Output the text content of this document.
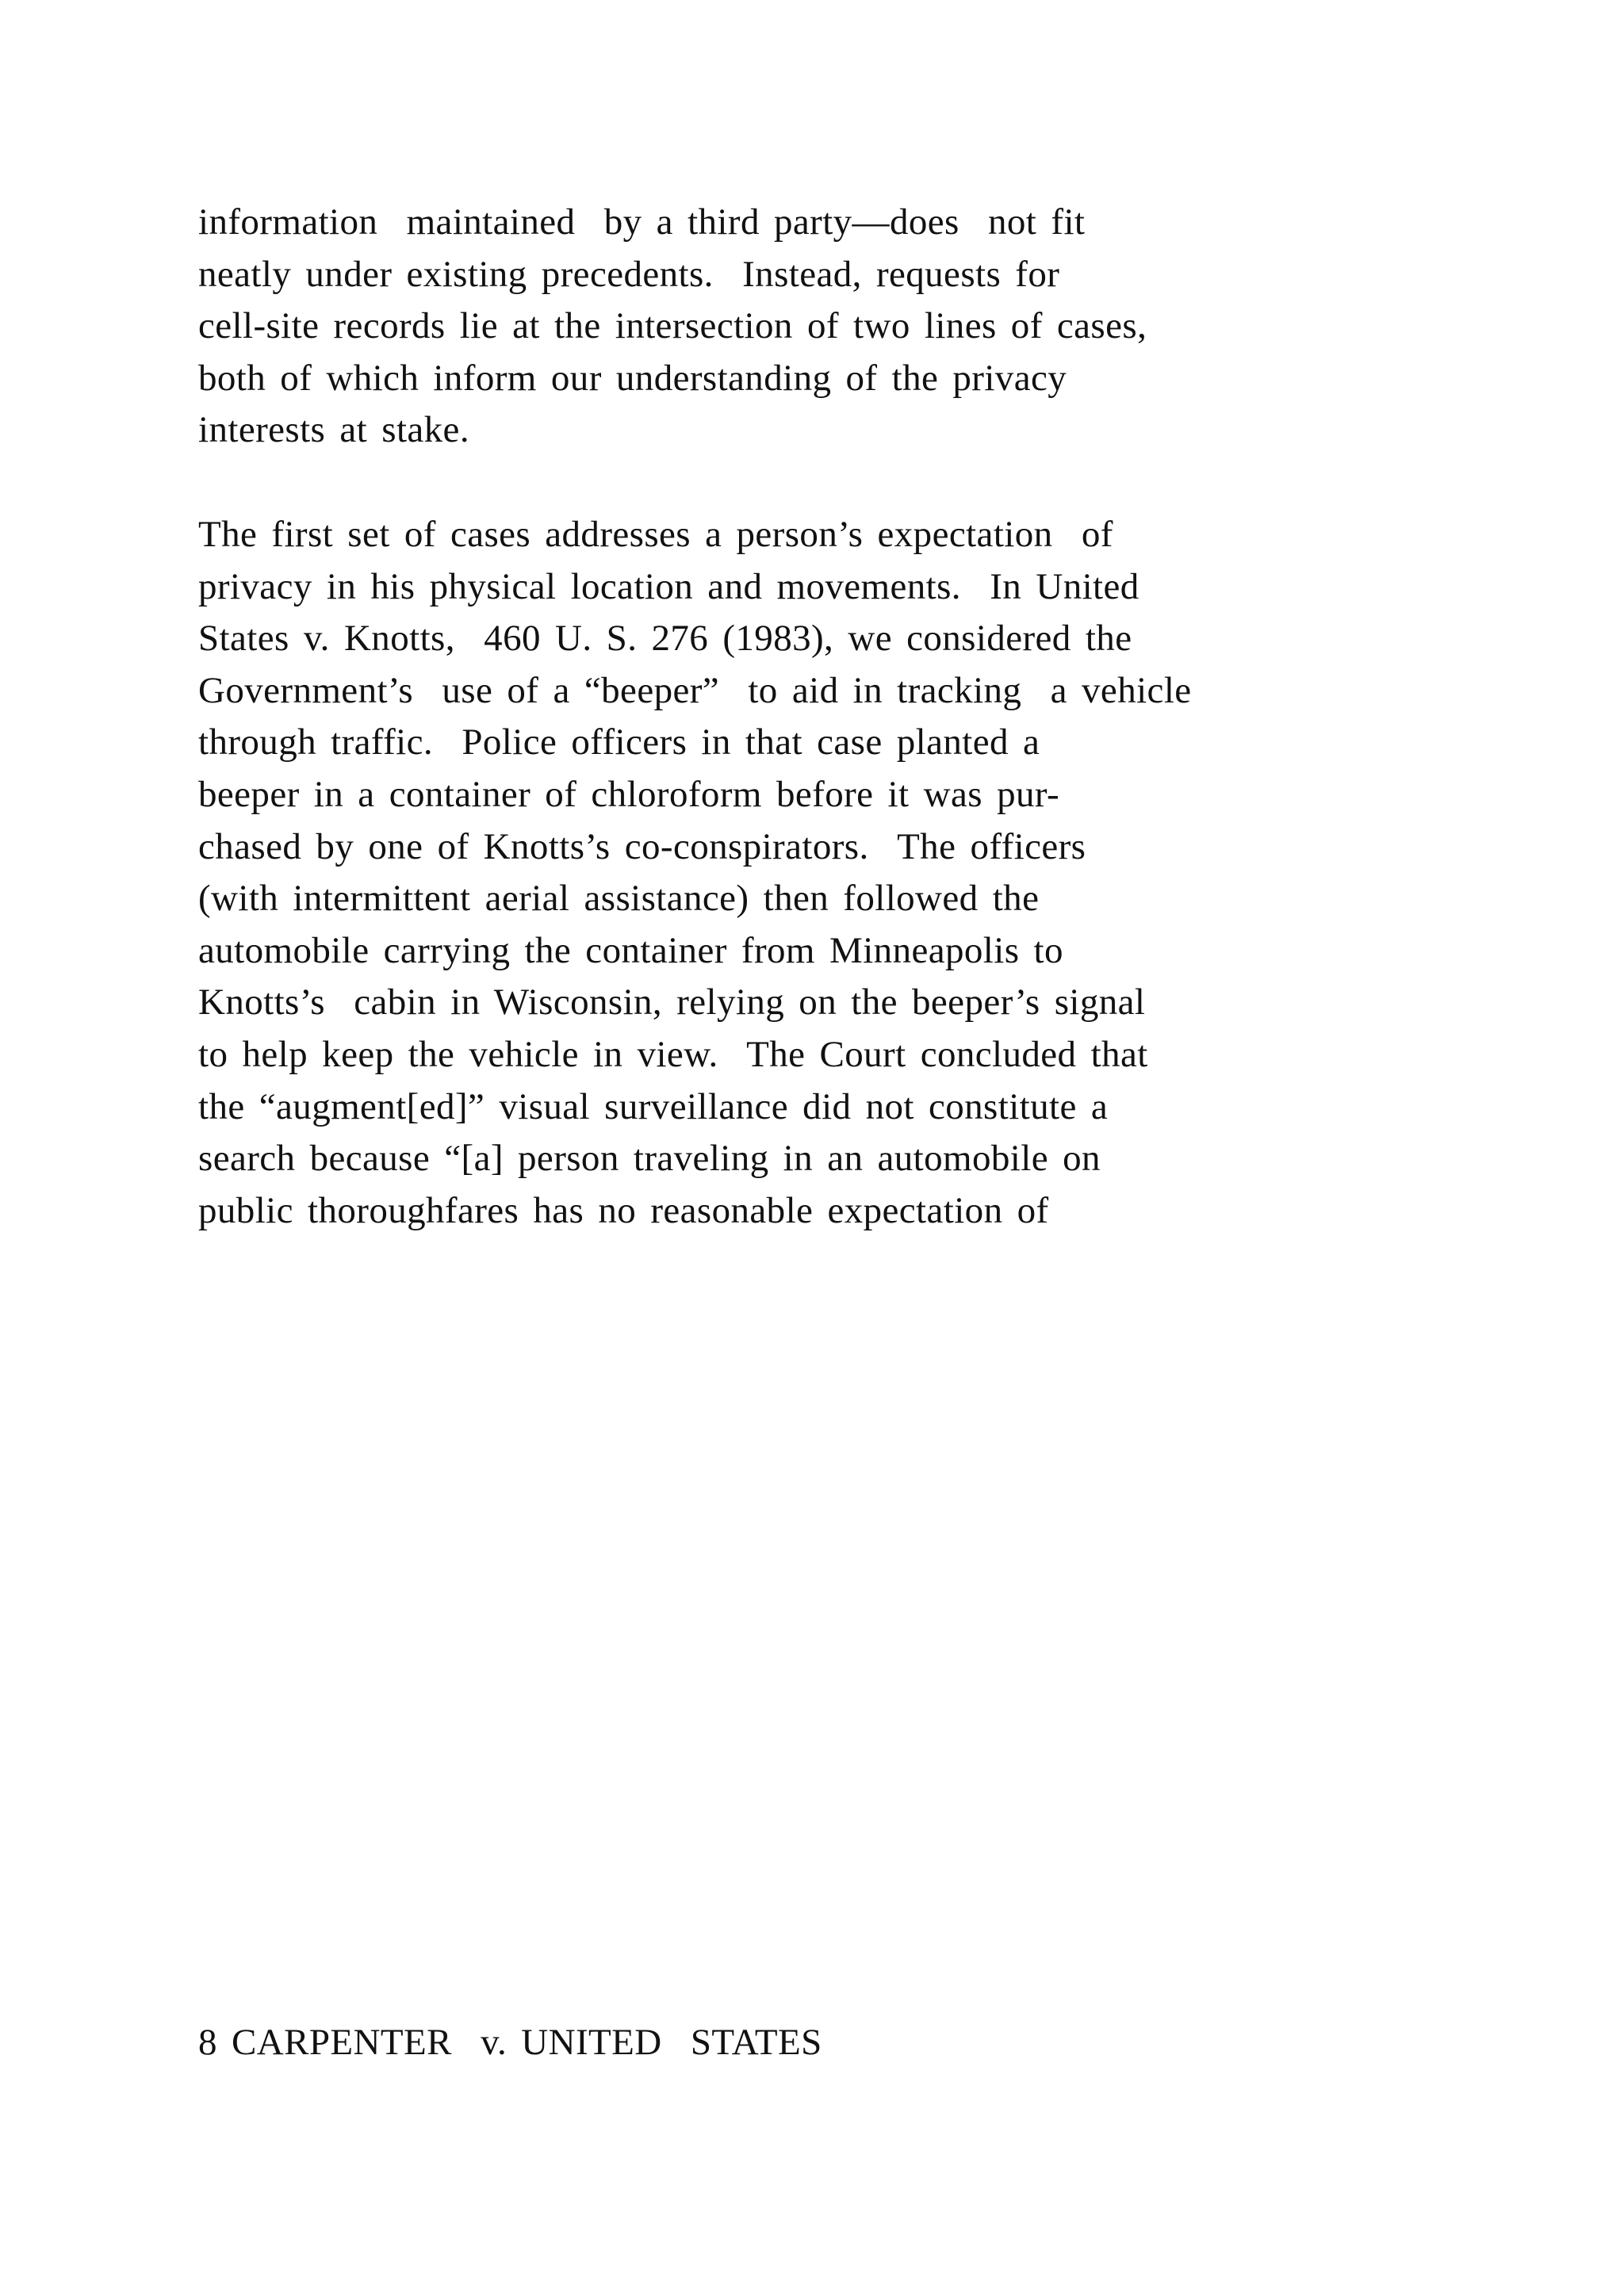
information  maintained  by a third party—does  not fit
neatly under existing precedents.  Instead, requests for
cell-site records lie at the intersection of two lines of cases,
both of which inform our understanding of the privacy
interests at stake.
The first set of cases addresses a person’s expectation  of
privacy in his physical location and movements.  In United
States v. Knotts,  460 U. S. 276 (1983), we considered the
Government’s  use of a “beeper”  to aid in tracking  a vehicle
through traffic.  Police officers in that case planted a
beeper in a container of chloroform before it was pur-
chased by one of Knotts’s co-conspirators.  The officers
(with intermittent aerial assistance) then followed the
automobile carrying the container from Minneapolis to
Knotts’s  cabin in Wisconsin, relying on the beeper’s signal
to help keep the vehicle in view.  The Court concluded that
the “augment[ed]” visual surveillance did not constitute a
search because “[a] person traveling in an automobile on
public thoroughfares has no reasonable expectation of
8 CARPENTER  v. UNITED  STATES
